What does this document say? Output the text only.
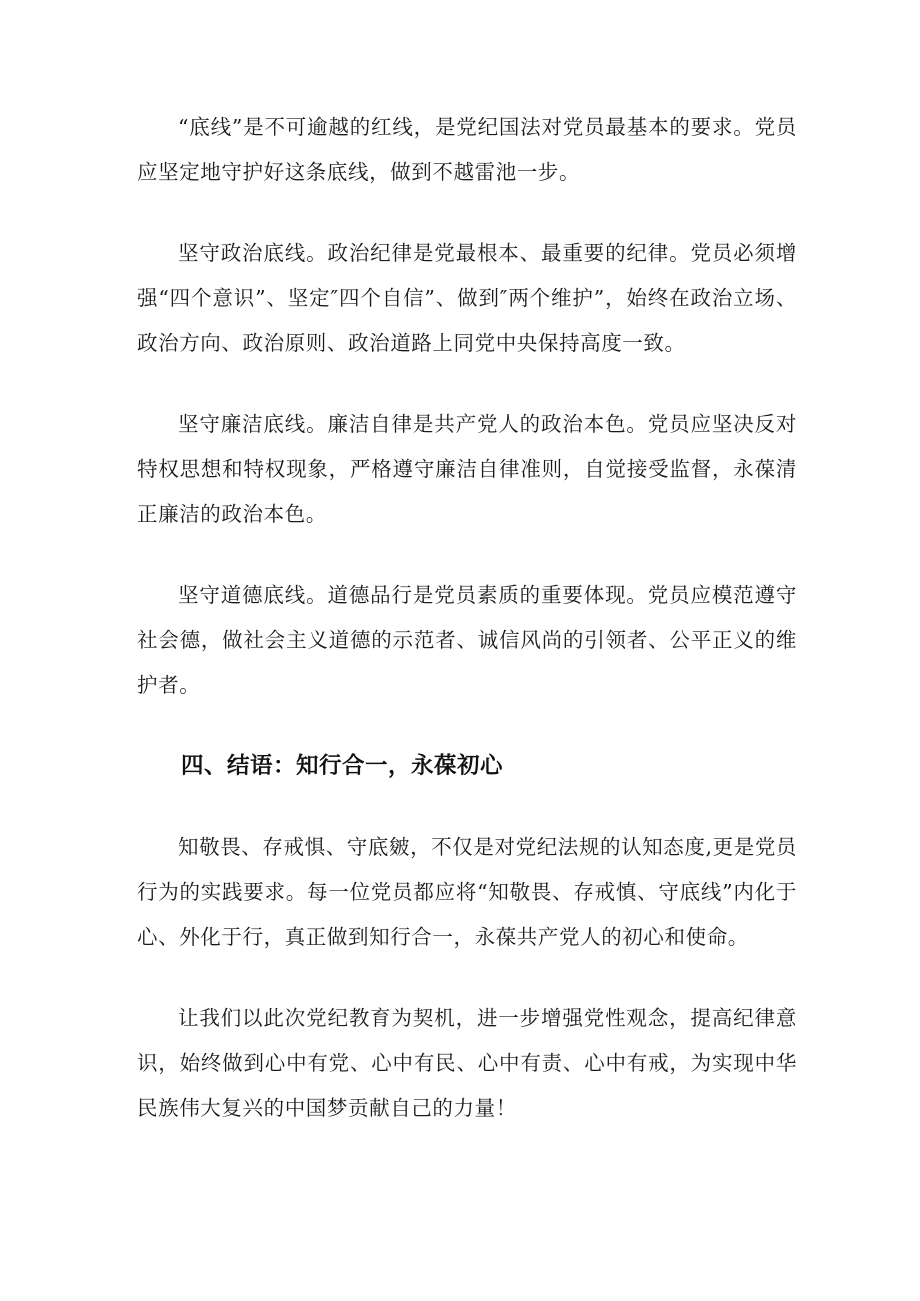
“底线”是不可逾越的红线，是党纪国法对党员最基本的要求。党员应坚定地守护好这条底线，做到不越雷池一步。

坚守政治底线。政治纪律是党最根本、最重要的纪律。党员必须增强“四个意识”、坚定″四个自信”、做到″两个维护”，始终在政治立场、政治方向、政治原则、政治道路上同党中央保持高度一致。

坚守廉洁底线。廉洁自律是共产党人的政治本色。党员应坚决反对特权思想和特权现象，严格遵守廉洁自律准则，自觉接受监督，永葆清正廉洁的政治本色。

坚守道德底线。道德品行是党员素质的重要体现。党员应模范遵守社会德，做社会主义道德的示范者、诚信风尚的引领者、公平正义的维护者。

四、结语：知行合一，永葆初心

知敬畏、存戒惧、守底皴，不仅是对党纪法规的认知态度,更是党员行为的实践要求。每一位党员都应将“知敬畏、存戒慎、守底线”内化于心、外化于行，真正做到知行合一，永葆共产党人的初心和使命。

让我们以此次党纪教育为契机，进一步增强党性观念，提高纪律意识，始终做到心中有党、心中有民、心中有责、心中有戒，为实现中华民族伟大复兴的中国梦贡献自己的力量！
